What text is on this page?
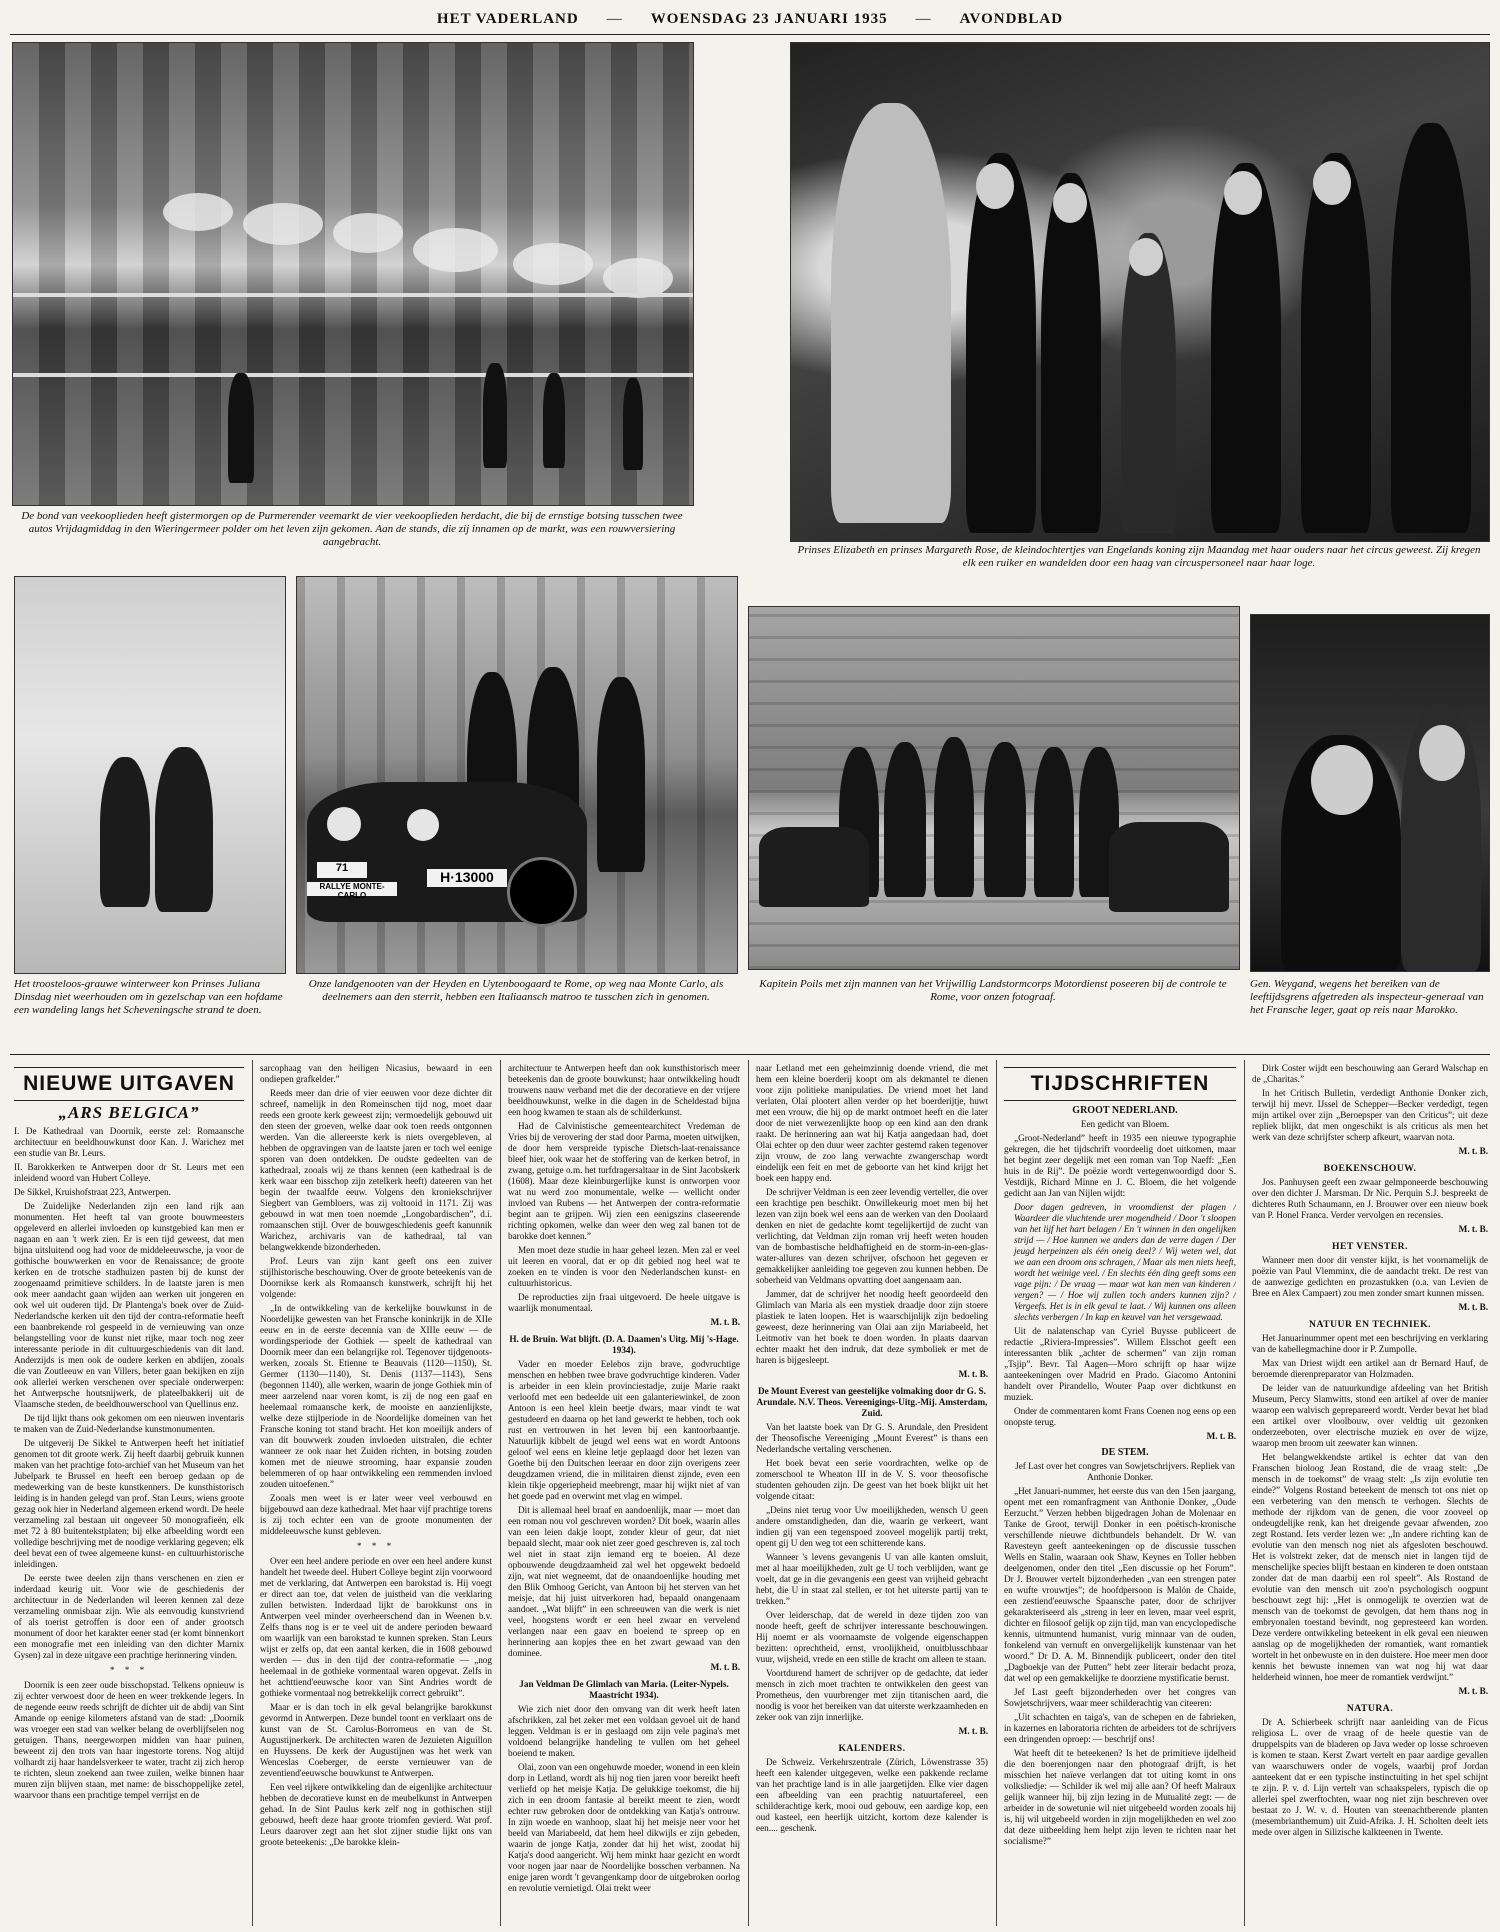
HET VADERLAND — WOENSDAG 23 JANUARI 1935 — AVONDBLAD
De bond van veekooplieden heeft gistermorgen op de Purmerender veemarkt de vier veekooplieden herdacht, die bij de ernstige botsing tusschen twee autos Vrijdagmiddag in den Wieringermeer polder om het leven zijn gekomen. Aan de stands, die zij innamen op de markt, was een rouwversiering aangebracht.
Prinses Elizabeth en prinses Margareth Rose, de kleindochtertjes van Engelands koning zijn Maandag met haar ouders naar het circus geweest. Zij kregen elk een ruiker en wandelden door een haag van circuspersoneel naar haar loge.
Het troosteloos-grauwe winterweer kon Prinses Juliana Dinsdag niet weerhouden om in gezelschap van een hofdame een wandeling langs het Scheveningsche strand te doen.
71
RALLYE MONTE-CARLO
H·13000
Onze landgenooten van der Heyden en Uytenboogaard te Rome, op weg naa Monte Carlo, als deelnemers aan den sterrit, hebben een Italiaansch matroo te tusschen zich in genomen.
Kapitein Poils met zijn mannen van het Vrijwillig Landstormcorps Motordienst poseeren bij de controle te Rome, voor onzen fotograaf.
Gen. Weygand, wegens het bereiken van de leeftijdsgrens afgetreden als inspecteur-generaal van het Fransche leger, gaat op reis naar Marokko.
NIEUWE UITGAVEN
„ARS BELGICA”

I. De Kathedraal van Doornik, eerste zel: Romaansche architectuur en beeldhouwkunst door Kan. J. Warichez met een studie van Br. Leurs.

II. Barokkerken te Antwerpen door dr St. Leurs met een inleidend woord van Hubert Colleye.

De Sikkel, Kruishofstraat 223, Antwerpen.

De Zuidelijke Nederlanden zijn een land rijk aan monumenten. Het heeft tal van groote bouwmeesters opgeleverd en allerlei invloeden op kunstgebied kan men er nagaan en aan 't werk zien. Er is een tijd geweest, dat men bijna uitsluitend oog had voor de middeleeuwsche, ja voor de gothische bouwwerken en voor de Renaissance; de groote kerken en de trotsche stadhuizen pasten bij de kunst der zoogenaamd primitieve schilders. In de laatste jaren is men ook meer aandacht gaan wijden aan werken uit jongeren en ook wel uit ouderen tijd. Dr Plantenga's boek over de Zuid-Nederlandsche kerken uit den tijd der contra-reformatie heeft een baanbrekende rol gespeeld in de vernieuwing van onze belangstelling voor de kunst niet rijke, maar toch nog zeer interessante periode in dit cultuurgeschiedenis van dit land. Anderzijds is men ook de oudere kerken en abdijen, zooals die van Zoutleeuw en van Villers, beter gaan bekijken en zijn ook allerlei werken verschenen over speciale onderwerpen: het Antwerpsche houtsnijwerk, de plateelbakkerij uit de Vlaamsche steden, de beeldhouwerschool van Quellinus enz.

De tijd lijkt thans ook gekomen om een nieuwen inventaris te maken van de Zuid-Nederlandse kunstmonumenten.

De uitgeverij De Sikkel te Antwerpen heeft het initiatief genomen tot dit groote werk. Zij heeft daarbij gebruik kunnen maken van het prachtige foto-archief van het Museum van het Jubelpark te Brussel en heeft een beroep gedaan op de medewerking van de beste kunstkenners. De kunsthistorisch leiding is in handen gelegd van prof. Stan Leurs, wiens groote gezag ook hier in Nederland algemeen erkend wordt. De heele verzameling zal bestaan uit ongeveer 50 monografieën, elk met 72 à 80 buitentekstplaten; bij elke afbeelding wordt een volledige beschrijving met de noodige verklaring gegeven; elk deel bevat een of twee algemeene kunst- en cultuurhistorische inleidingen.

De eerste twee deelen zijn thans verschenen en zien er inderdaad keurig uit. Voor wie de geschiedenis der architectuur in de Nederlanden wil leeren kennen zal deze verzameling onmisbaar zijn. Wie als eenvoudig kunstvriend of als toerist getroffen is door een of ander grootsch monument of door het karakter eener stad (er komt binnenkort een monografie met een inleiding van den dichter Marnix Gysen) zal in deze uitgave een prachtige herinnering vinden.

* * *

Doornik is een zeer oude bisschopstad. Telkens opnieuw is zij echter verwoest door de heen en weer trekkende legers. In de negende eeuw reeds schrijft de dichter uit de abdij van Sint Amande op eenige kilometers afstand van de stad: „Doornik was vroeger een stad van welker belang de overblijfselen nog getuigen. Thans, neergeworpen midden van haar puinen, beweent zij den trots van haar ingestorte torens. Nog altijd volhardt zij haar handelsverkeer te water, tracht zij zich herop te richten, sleun zoekend aan twee zuilen, welke binnen haar muren zijn blijven staan, met name: de bisschoppelijke zetel, waarvoor thans een prachtige tempel verrijst en de

sarcophaag van den heiligen Nicasius, bewaard in een ondiepen grafkelder.”

Reeds meer dan drie of vier eeuwen voor deze dichter dit schreef, namelijk in den Romeinschen tijd nog, moet daar reeds een groote kerk geweest zijn; vermoedelijk gebouwd uit den steen der groeven, welke daar ook toen reeds ontgonnen werden. Van die allereerste kerk is niets overgebleven, al hebben de opgravingen van de laatste jaren er toch wel eenige sporen van doen ontdekken. De oudste gedeelten van de kathedraal, zooals wij ze thans kennen (een kathedraal is de kerk waar een bisschop zijn zetelkerk heeft) dateeren van het begin der twaalfde eeuw. Volgens den kroniekschrijver Siegbert van Gembloers, was zij voltooid in 1171. Zij was gebouwd in wat men toen noemde „Longobardischen”, d.i. romaanschen stijl. Over de bouwgeschiedenis geeft kanunnik Warichez, archivaris van de kathedraal, tal van belangwekkende bizonderheden.

Prof. Leurs van zijn kant geeft ons een zuiver stijlhistorische beschouwing. Over de groote beteekenis van de Doornikse kerk als Romaansch kunstwerk, schrijft hij het volgende:

„In de ontwikkeling van de kerkelijke bouwkunst in de Noordelijke gewesten van het Fransche koninkrijk in de XIIe eeuw en in de eerste decennia van de XIIIe eeuw — de wordingsperiode der Gothiek — speelt de kathedraal van Doornik meer dan een belangrijke rol. Tegenover tijdgenoots-werken, zooals St. Etienne te Beauvais (1120—1150), St. Germer (1130—1140), St. Denis (1137—1143), Sens (begonnen 1140), alle werken, waarin de jonge Gothiek min of meer aarzelend naar voren komt, is zij de nog een gaaf en heelemaal romaansche kerk, de mooiste en aanzienlijkste, welke deze stijlperiode in de Noordelijke domeinen van het Fransche koning tot stand bracht. Het kon moeilijk anders of van dit bouwwerk zouden invloeden uitstralen, die echter wanneer ze ook naar het Zuiden richten, in botsing zouden komen met de nieuwe strooming, haar expansie zouden belemmeren of op haar ontwikkeling een remmenden invloed zouden uitoefenen.”

Zooals men weet is er later weer veel verbouwd en bijgebouwd aan deze kathedraal. Met haar vijf prachtige torens is zij toch echter een van de groote monumenten der middeleeuwsche kunst gebleven.

* * *

Over een heel andere periode en over een heel andere kunst handelt het tweede deel. Hubert Colleye begint zijn voorwoord met de verklaring, dat Antwerpen een barokstad is. Hij voegt er direct aan toe, dat velen de juistheid van die verklaring zullen betwisten. Inderdaad lijkt de barokkunst ons in Antwerpen veel minder overheerschend dan in Weenen b.v. Zelfs thans nog is er te veel uit de andere perioden bewaard om waarlijk van een barokstad te kunnen spreken. Stan Leurs wijst er zelfs op, dat een aantal kerken, die in 1608 gebouwd werden — dus in den tijd der contra-reformatie — „nog heelemaal in de gothieke vormentaal waren opgevat. Zelfs in het achttiend'eeuwsche koor van Sint Andries wordt de gothieke vormentaal nog betrekkelijk correct gebruikt”.

Maar er is dan toch in elk geval belangrijke barokkunst gevormd in Antwerpen. Deze bundel toont en verklaart ons de kunst van de St. Carolus-Borromeus en van de St. Augustijnerkerk. De architecten waren de Jezuieten Aiguillon en Huyssens. De kerk der Augustijnen was het werk van Wenceslas Coeberger, de eerste vernieuwer van de zeventiend'eeuwsche bouwkunst te Antwerpen.

Een veel rijkere ontwikkeling dan de eigenlijke architectuur hebben de decoratieve kunst en de meubelkunst in Antwerpen gehad. In de Sint Paulus kerk zelf nog in gothischen stijl gebouwd, heeft deze haar groote triomfen gevierd. Wat prof. Leurs daarover zegt aan het slot zijner studie lijkt ons van groote beteekenis: „De barokke klein-

architectuur te Antwerpen heeft dan ook kunsthistorisch meer beteekenis dan de groote bouwkunst; haar ontwikkeling houdt trouwens nauw verband met die der decoratieve en der vrijere beeldhouwkunst, welke in die dagen in de Scheldestad bijna een hoog kwamen te staan als de schilderkunst.

Had de Calvinistische gemeentearchitect Vredeman de Vries bij de verovering der stad door Parma, moeten uitwijken, de door hem verspreide typische Dietsch-laat-renaissance bleef hier, ook waar het de stoffering van de kerken betrof, in zwang, getuige o.m. het turfdragersaltaar in de Sint Jacobskerk (1608). Maar deze kleinburgerlijke kunst is ontworpen voor wat nu werd zoo monumentale, welke — wellicht onder invloed van Rubens — het Antwerpen der contra-reformatie begint aan te grijpen. Wij zien een eenigszins claseerende richting opkomen, welke dan weer den weg zal banen tot de barokke doet kennen.”

Men moet deze studie in haar geheel lezen. Men zal er veel uit leeren en vooral, dat er op dit gebied nog heel wat te zoeken en te vinden is voor den Nederlandschen kunst- en cultuurhistoricus.

De reproducties zijn fraai uitgevoerd. De heele uitgave is waarlijk monumentaal.

M. t. B.

H. de Bruin. Wat blijft. (D. A. Daamen's Uitg. Mij 's-Hage. 1934).

Vader en moeder Eelebos zijn brave, godvruchtige menschen en hebben twee brave godvruchtige kinderen. Vader is arbeider in een klein provinciestadje, zuije Marie raakt verloofd met een bedeelde uit een galanteriewinkel, de zoon Antoon is een heel klein beetje dwars, maar vindt te wat gestudeerd en daarna op het land gewerkt te hebben, toch ook rust en vertrouwen in het leven bij een kantoorbaantje. Natuurlijk kibbelt de jeugd wel eens wat en wordt Antoons geloof wel eens en kleine letje geplaagd door het lezen van Goethe bij den Duitschen leeraar en door zijn overigens zeer deugdzamen vriend, die in militairen dienst zijnde, even een klein tikje opgeriepheid meebrengt, maar hij wijkt niet af van het goede pad en overwint met vlag en wimpel.

Dit is allemaal heel braaf en aandoenlijk, maar — moet dan een roman nou vol geschreven worden? Dit boek, waarin alles van een leien dakje loopt, zonder kleur of geur, dat niet bepaald slecht, maar ook niet zeer goed geschreven is, zal toch wel niet in staat zijn iemand erg te boeien. Al deze opbouwende deugdzaamheid zal wel het opgewekt bedoeld zijn, wat niet wegneemt, dat de onaandoenlijke houding met den Blik Omhoog Gericht, van Antoon bij het sterven van het meisje, dat hij juist uitverkoren had, bepaald onangenaam aandoet. „Wat blijft” in een schreeuwen van die werk is niet veel, hoogstens wordt er een heel zwaar en vervelend verlangen naar een gaav en boeiend te spreep op en herinnering aan kopjes thee en het zwart gewaad van den dominee.

M. t. B.

Jan Veldman De Glimlach van Maria. (Leiter-Nypels. Maastricht 1934).

Wie zich niet door den omvang van dit werk heeft laten afschrikken, zal het zeker met een voldaan gevoel uit de hand leggen. Veldman is er in geslaagd om zijn vele pagina's met voldoend belangrijke handeling te vullen om het geheel boeiend te maken.

Olai, zoon van een ongehuwde moeder, wonend in een klein dorp in Letland, wordt als hij nog tien jaren voor bereikt heeft verliefd op het meisje Katja. De gelukkige toekomst, die hij zich in een droom fantasie al bereikt meent te zien, wordt echter ruw gebroken door de ontdekking van Katja's ontrouw. In zijn woede en wanhoop, slaat hij het meisje neer voor het beeld van Mariabeeld, dat hem heel dikwijls er zijn gebeden, waarin de jonge Katja, zonder dat hij het wist, zoodat hij Katja's dood aangericht. Wij hem minkt haar gezicht en wordt voor nogen jaar naar de Noordelijke bosschen verbannen. Na enige jaren wordt 't gevangenkamp door de uitgebroken oorlog en revolutie vernietigd. Olai trekt weer

naar Letland met een geheimzinnig doende vriend, die met hem een kleine boerderij koopt om als dekmantel te dienen voor zijn politieke manipulaties. De vriend moet het land verlaten, Olai plootert allen verder op het boerderijtje, huwt met een vrouw, die hij op de markt ontmoet heeft en die later door de niet verwezenlijkte hoop op een kind aan den drank raakt. De herinnering aan wat hij Katja aangedaan had, doet Olai echter op den duur weer zachter gestemd raken tegenover zijn vrouw, de zoo lang verwachte zwangerschap wordt eindelijk een feit en met de geboorte van het kind krijgt het boek een happy end.

De schrijver Veldman is een zeer levendig verteller, die over een krachtige pen beschikt. Onwillekeurig moet men bij het lezen van zijn boek wel eens aan de werken van den Doolaard denken en niet de gedachte komt tegelijkertijd de zucht van verlichting, dat Veldman zijn roman vrij heeft weten houden van de bombastische heldhaftigheid en de storm-in-een-glas-water-allures van dezen schrijver, ofschoon het gegeven er gemakkelijker aanleiding toe gegeven zou kunnen hebben. De soberheid van Veldmans opvatting doet aangenaam aan.

Jammer, dat de schrijver het noodig heeft geoordeeld den Glimlach van Maria als een mystiek draadje door zijn stoere plastiek te laten loopen. Het is waarschijnlijk zijn bedoeling geweest, deze herinnering van Olai aan zijn Mariabeeld, het Leitmotiv van het boek te doen worden. In plaats daarvan echter maakt het den indruk, dat deze symboliek er met de haren is bijgesleept.

M. t. B.

De Mount Everest van geestelijke volmaking door dr G. S. Arundale. N.V. Theos. Vereenigings-Uitg.-Mij. Amsterdam, Zuid.

Van het laatste boek van Dr G. S. Arundale, den President der Theosofische Vereeniging „Mount Everest” is thans een Nederlandsche vertaling verschenen.

Het boek bevat een serie voordrachten, welke op de zomerschool te Wheaton III in de V. S. voor theosofische studenten gehouden zijn. De geest van het boek blijkt uit het volgende citaat:

„Deins niet terug voor Uw moeilijkheden, wensch U geen andere omstandigheden, dan die, waarin ge verkeert, want indien gij van een tegenspoed zooveel mogelijk partij trekt, opent gij U den weg tot een schitterende kans.

Wanneer 's levens gevangenis U van alle kanten omsluit, met al haar moeilijkheden, zult ge U toch verblijden, want ge voelt, dat ge in die gevangenis een geest van vrijheid gebracht hebt, die U in staat zal stellen, er tot het uiterste partij van te trekken.”

Over leiderschap, dat de wereld in deze tijden zoo van noode heeft, geeft de schrijver interessante beschouwingen. Hij noemt er als voornaamste de volgende eigenschappen bezitten: oprechtheid, ernst, vroolijkheid, onuitblusschbaar vuur, wijsheid, vrede en een stille de kracht om alleen te staan.

Voortdurend hamert de schrijver op de gedachte, dat ieder mensch in zich moet trachten te ontwikkelen den geest van Prometheus, den vuurbrenger met zijn titanischen aard, die noodig is voor het bereiken van dat uiterste werkzaamheden en zeker ook van zijn innerlijke.

M. t. B.

KALENDERS.

De Schweiz. Verkehrszentrale (Zürich, Löwenstrasse 35) heeft een kalender uitgegeven, welke een pakkende reclame van het prachtige land is in alle jaargetijden. Elke vier dagen een afbeelding van een prachtig natuurtafereel, een schilderachtige kerk, mooi oud gebouw, een aardige kop, een oud kasteel, een heerlijk uitzicht, kortom deze kalender is een.... geschenk.

TIJDSCHRIFTEN

GROOT NEDERLAND.

Een gedicht van Bloem.

„Groot-Nederland” heeft in 1935 een nieuwe typographie gekregen, die het tijdschrift voordeelig doet uitkomen, maar het begint zeer degelijk met een roman van Top Naeff: „Een huis in de Rij”. De poëzie wordt vertegenwoordigd door S. Vestdijk, Richard Minne en J. C. Bloem, die het volgende gedicht aan Jan van Nijlen wijdt:

Door dagen gedreven, in vroomdienst der plagen / Waardeer die vluchtende urer mogendheid / Door 't sloopen van het lijf het hart belagen / En 't winnen in den ongelijken strijd — / Hoe kunnen we anders dan de verre dagen / Der jeugd herpeinzen als één oneig deel? / Wij weten wel, dat we aan een droom ons schragen, / Maar als men niets heeft, wordt het weinige veel. / En slechts één ding geeft soms een vage pijn: / De vraag — maar wat kan men van kinderen / vergen? — / Hoe wij zullen toch anders kunnen zijn? / Vergeefs. Het is in elk geval te laat. / Wij kunnen ons alleen slechts verbergen / In kap en keuvel van het versgewaad.

Uit de nalatenschap van Cyriel Buysse publiceert de redactie „Riviera-Impressies”. Willem Elsschot geeft een interessanten blik „achter de schermen” van zijn roman „Tsjip”. Bevr. Tal Aagen—Moro schrijft op haar wijze aanteekeningen over Madrid en Prado. Giacomo Antonini handelt over Pirandello, Wouter Paap over dichtkunst en muziek.

Onder de commentaren komt Frans Coenen nog eens op een onopste terug.

M. t. B.

DE STEM.

Jef Last over het congres van Sowjetschrijvers. Repliek van Anthonie Donker.

„Het Januari-nummer, het eerste dus van den 15en jaargang, opent met een romanfragment van Anthonie Donker, „Oude Eerzucht.” Verzen hebben bijgedragen Johan de Molenaar en Tanke de Groot, terwijl Donker in een poëtisch-kronische verschillende nieuwe dichtbundels behandelt. Dr W. van Ravesteyn geeft aanteekeningen op de discussie tusschen Wells en Stalin, waaraan ook Shaw, Keynes en Toller hebben deelgenomen, onder den titel „Een discussie op het Forum”. Dr J. Brouwer vertelt bijzonderheden „van een strengen pater en wufte vrouwtjes”; de hoofdpersoon is Malón de Chaide, een zestiend'eeuwsche Spaansche pater, door de schrijver gekarakteriseerd als „streng in leer en leven, maar veel esprit, dichter en filosoof gelijk op zijn tijd, man van encyclopedische kennis, uitmuntend humanist, vurig minnaar van de ouden, fonkelend van vernuft en onvergelijkelijk kunstenaar van het woord.” Dr D. A. M. Binnendijk publiceert, onder den titel „Dagboekje van der Putten” hebt zeer literair bedacht proza, dat wel op een gemakkelijke te doorziene mystificatie berust.

Jef Last geeft bijzonderheden over het congres van Sowjetschrijvers, waar meer schilderachtig van citeeren:

„Uit schachten en taiga's, van de schepen en de fabrieken, in kazernes en laboratoria richten de arbeiders tot de schrijvers een dringenden oproep: — beschrijf ons!

Wat heeft dit te beteekenen? Is het de primitieve ijdelheid die den boerenjongen naar den photograaf drijft, is het misschien het naïeve verlangen dat tot uiting komt in ons volksliedje: — Schilder ik wel mij alle aan? Of heeft Malraux gelijk wanneer hij, bij zijn lezing in de Mutualité zegt: — de arbeider in de sowetunie wil niet uitgebeeld worden zooals hij is, hij wil uitgebeeld worden in zijn mogelijkheden en wel zoo dat deze uitbeelding hem helpt zijn leven te richten naar het socialisme?”

Dirk Coster wijdt een beschouwing aan Gerard Walschap en de „Charitas.”

In het Critisch Bulletin, verdedigt Anthonie Donker zich, terwijl hij mevr. IJssel de Schepper—Becker verdedigt, tegen mijn artikel over zijn „Beroepsper van den Criticus”; uit deze repliek blijkt, dat men ongeschikt is als criticus als men het werk van deze schrijfster scherp afkeurt, waarvan nota.

M. t. B.

BOEKENSCHOUW.

Jos. Panhuysen geeft een zwaar gelmponeerde beschouwing over den dichter J. Marsman. Dr Nic. Perquin S.J. bespreekt de dichteres Ruth Schaumann, en J. Brouwer over een nieuw boek van P. Honel Franca. Verder vervolgen en recensies.

M. t. B.

HET VENSTER.

Wanneer men door dit venster kijkt, is het voornamelijk de poëzie van Paul Vlemminx, die de aandacht trekt. De rest van de aanwezige gedichten en prozastukken (o.a. van Levien de Bree en Alex Campaert) zou men zonder smart kunnen missen.

M. t. B.

NATUUR EN TECHNIEK.

Het Januarinummer opent met een beschrijving en verklaring van de kabellegmachine door ir P. Zumpolle.

Max van Driest wijdt een artikel aan dr Bernard Hauf, de beroemde dierenpreparator van Holzmaden.

De leider van de natuurkundige afdeeling van het British Museum, Percy Slamwitts, stond een artikel af over de manier waarop een walvisch geprepareerd wordt. Verder bevat het blad een artikel over vloolbouw, over veldtig uit gezonken onderzeeboten, over electrische muziek en over de wijze, waarop men broom uit zeewater kan winnen.

Het belangwekkendste artikel is echter dat van den Franschen bioloog Jean Rostand, die de vraag stelt: „De mensch in de toekomst” de vraag stelt: „Is zijn evolutie ten einde?” Volgens Rostand beteekent de mensch tot ons niet op een verbetering van den mensch te verhogen. Slechts de methode der rijkdom van de genen, die voor zooveel op ondeugdelijke renk, kan het dreigende gevaar afwenden, zoo zegt Rostand. Iets verder lezen we: „In andere richting kan de evolutie van den mensch nog niet als afgesloten beschouwd. Het is volstrekt zeker, dat de mensch niet in langen tijd de menschelijke species blijft bestaan en kinderen te doen ontstaan zonder dat de man daarbij een rol speelt”. Als Rostand de evolutie van den mensch uit zoo'n psychologisch oogpunt beschouwt zegt hij: „Het is onmogelijk te overzien wat de mensch van de toekomst de gevolgen, dat hem thans nog in embryonalen toestand bevindt, nog gepresteerd kan worden. Deze verdere ontwikkeling beteekent in elk geval een nieuwen aanslag op de mogelijkheden der romantiek, want romantiek wortelt in het onbewuste en in den duistere. Hoe meer men door kennis het bewuste innemen van wat nog hij wat daar helderheid winnen, hoe meer de romantiek verdwijnt.”

M. t. B.

NATURA.

Dr A. Schierbeek schrijft naar aanleiding van de Ficus religiosa L. over de vraag of de heele questie van de druppelspits van de bladeren op Java weder op losse schroeven is komen te staan. Kerst Zwart vertelt en paar aardige gevallen van waarschuwers onder de vogels, waarbij prof Jordan aanteekent dat er een typische instinctuiting in het spel schijnt te zijn. P. v. d. Lijn vertelt van schaakspelers, typisch die op allerlei spel zwerftochten, waar nog niet zijn beschreven over bestaat zo J. W. v. d. Houten van steenachtberende planten (mesembrianthemum) uit Zuid-Afrika. J. H. Scholten deelt iets mede over algen in Silizische kalkteenen in Twente.
